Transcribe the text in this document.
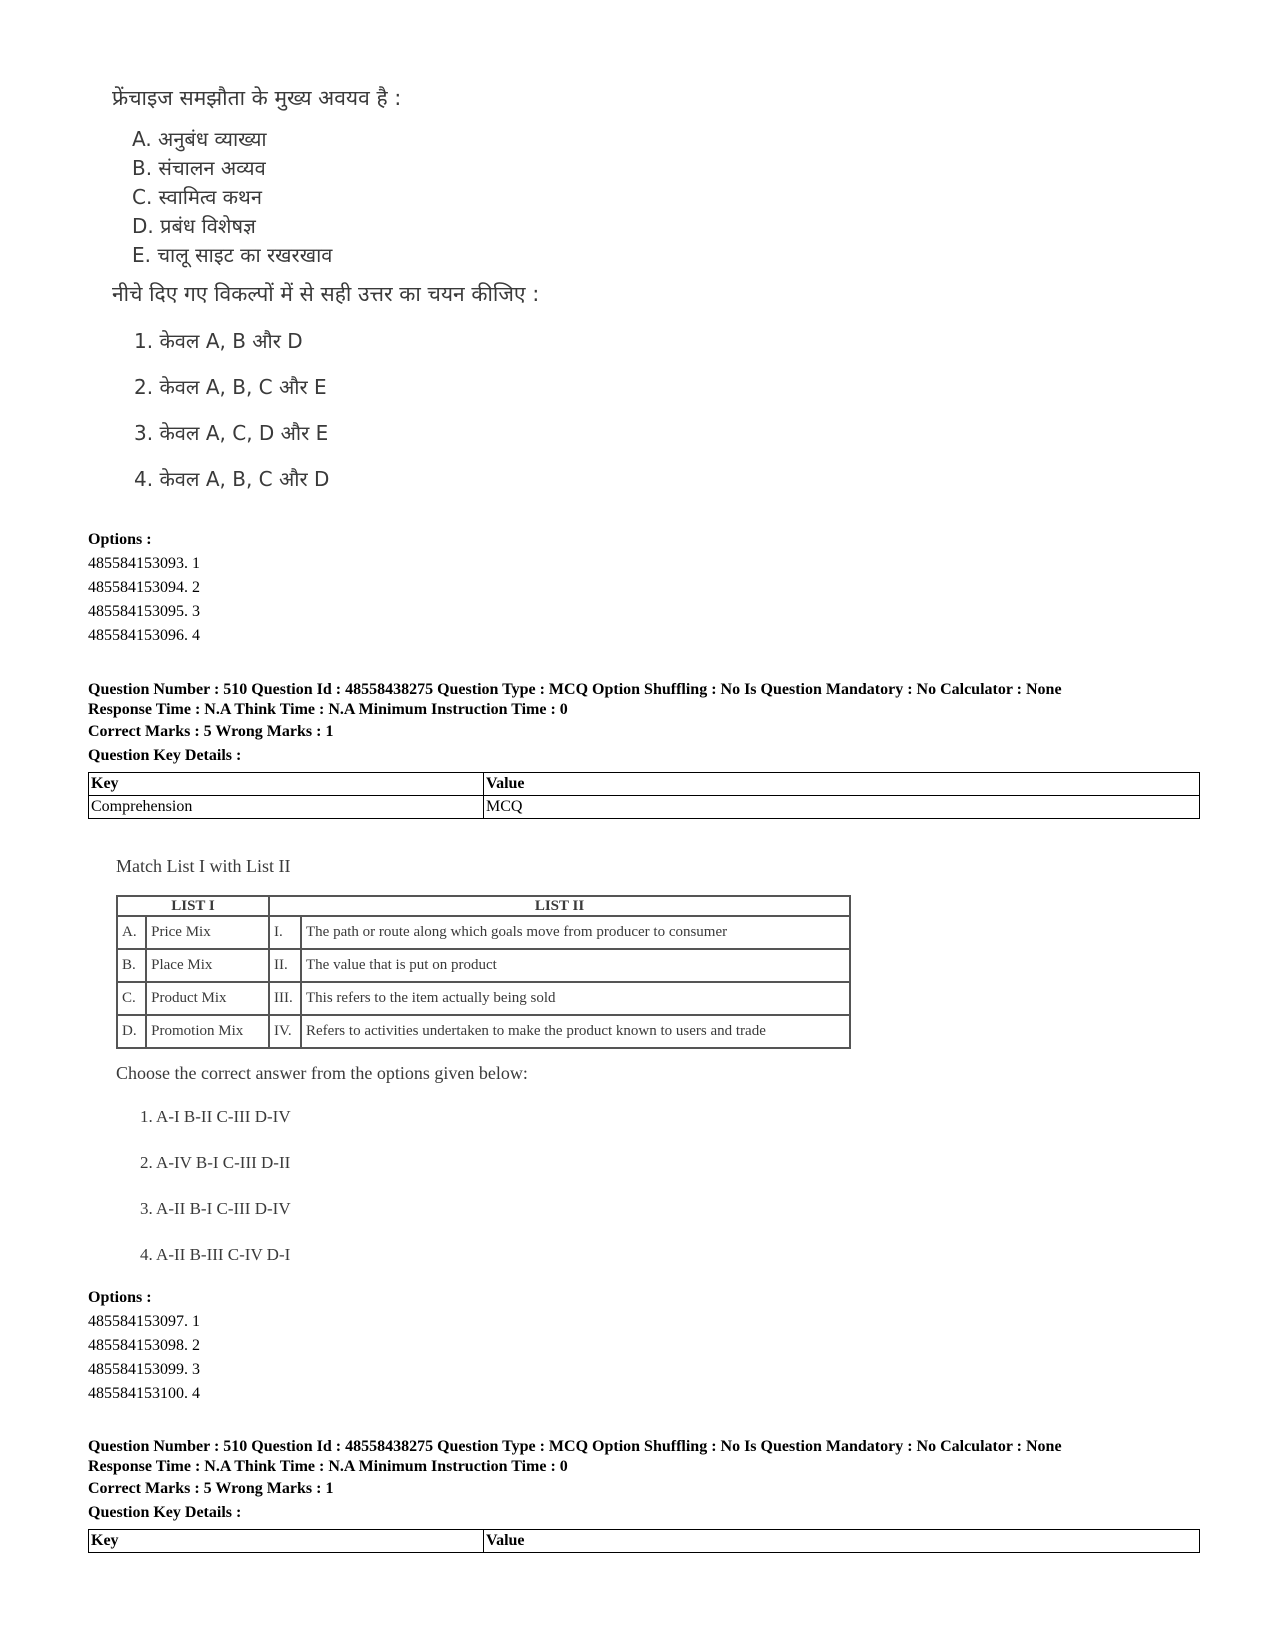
फ्रेंचाइज समझौता के मुख्य अवयव है :
A. अनुबंध व्याख्या
B. संचालन अव्यव
C. स्वामित्व कथन
D. प्रबंध विशेषज्ञ
E. चालू साइट का रखरखाव
नीचे दिए गए विकल्पों में से सही उत्तर का चयन कीजिए :
1. केवल A, B और D
2. केवल A, B, C और E
3. केवल A, C, D और E
4. केवल A, B, C और D
Options :
485584153093. 1
485584153094. 2
485584153095. 3
485584153096. 4
Question Number : 510 Question Id : 48558438275 Question Type : MCQ Option Shuffling : No Is Question Mandatory : No Calculator : None
Response Time : N.A Think Time : N.A Minimum Instruction Time : 0
Correct Marks : 5 Wrong Marks : 1
Question Key Details :
Key	Value
Comprehension	MCQ
Match List I with List II
LIST I		LIST II	
A.	Price Mix	I.	The path or route along which goals move from producer to consumer
B.	Place Mix	II.	The value that is put on product
C.	Product Mix	III.	This refers to the item actually being sold
D.	Promotion Mix	IV.	Refers to activities undertaken to make the product known to users and trade
Choose the correct answer from the options given below:
1. A-I B-II C-III D-IV
2. A-IV B-I C-III D-II
3. A-II B-I C-III D-IV
4. A-II B-III C-IV D-I
Options :
485584153097. 1
485584153098. 2
485584153099. 3
485584153100. 4
Question Number : 510 Question Id : 48558438275 Question Type : MCQ Option Shuffling : No Is Question Mandatory : No Calculator : None
Response Time : N.A Think Time : N.A Minimum Instruction Time : 0
Correct Marks : 5 Wrong Marks : 1
Question Key Details :
Key	Value
